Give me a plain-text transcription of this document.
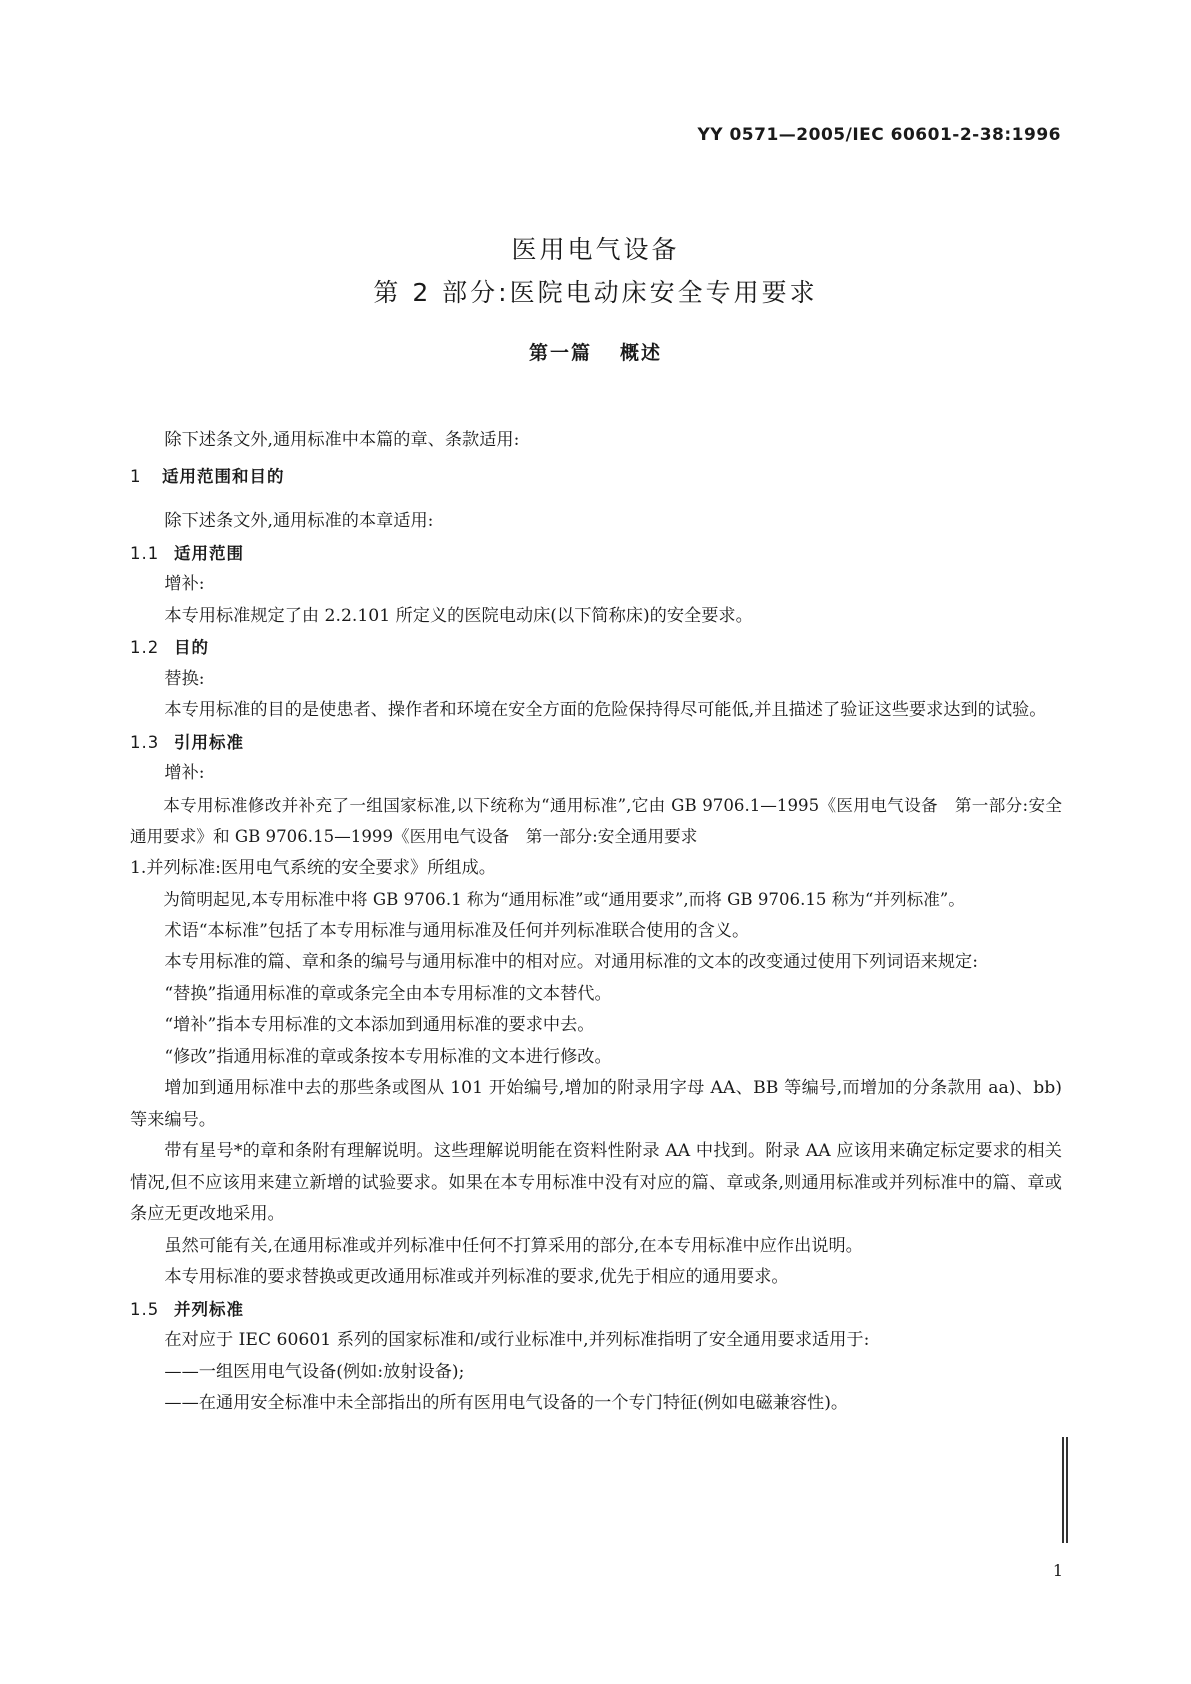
YY 0571—2005/IEC 60601-2-38:1996

医用电气设备
第 2 部分:医院电动床安全专用要求
第一篇 概述

除下述条文外,通用标准中本篇的章、条款适用:

1 适用范围和目的

除下述条文外,通用标准的本章适用:

1.1 适用范围

增补:

本专用标准规定了由 2.2.101 所定义的医院电动床(以下简称床)的安全要求。

1.2 目的

替换:

本专用标准的目的是使患者、操作者和环境在安全方面的危险保持得尽可能低,并且描述了验证这些要求达到的试验。

1.3 引用标准

增补:

本专用标准修改并补充了一组国家标准,以下统称为“通用标准”,它由 GB 9706.1—1995《医用电气设备　第一部分:安全通用要求》和 GB 9706.15—1999《医用电气设备　第一部分:安全通用要求

1.并列标准:医用电气系统的安全要求》所组成。

为简明起见,本专用标准中将 GB 9706.1 称为“通用标准”或“通用要求”,而将 GB 9706.15 称为“并列标准”。

术语“本标准”包括了本专用标准与通用标准及任何并列标准联合使用的含义。

本专用标准的篇、章和条的编号与通用标准中的相对应。对通用标准的文本的改变通过使用下列词语来规定:

“替换”指通用标准的章或条完全由本专用标准的文本替代。

“增补”指本专用标准的文本添加到通用标准的要求中去。

“修改”指通用标准的章或条按本专用标准的文本进行修改。

增加到通用标准中去的那些条或图从 101 开始编号,增加的附录用字母 AA、BB 等编号,而增加的分条款用 aa)、bb)等来编号。

带有星号*的章和条附有理解说明。这些理解说明能在资料性附录 AA 中找到。附录 AA 应该用来确定标定要求的相关情况,但不应该用来建立新增的试验要求。如果在本专用标准中没有对应的篇、章或条,则通用标准或并列标准中的篇、章或条应无更改地采用。

虽然可能有关,在通用标准或并列标准中任何不打算采用的部分,在本专用标准中应作出说明。

本专用标准的要求替换或更改通用标准或并列标准的要求,优先于相应的通用要求。

1.5 并列标准

在对应于 IEC 60601 系列的国家标准和/或行业标准中,并列标准指明了安全通用要求适用于:

——一组医用电气设备(例如:放射设备);

——在通用安全标准中未全部指出的所有医用电气设备的一个专门特征(例如电磁兼容性)。

1
